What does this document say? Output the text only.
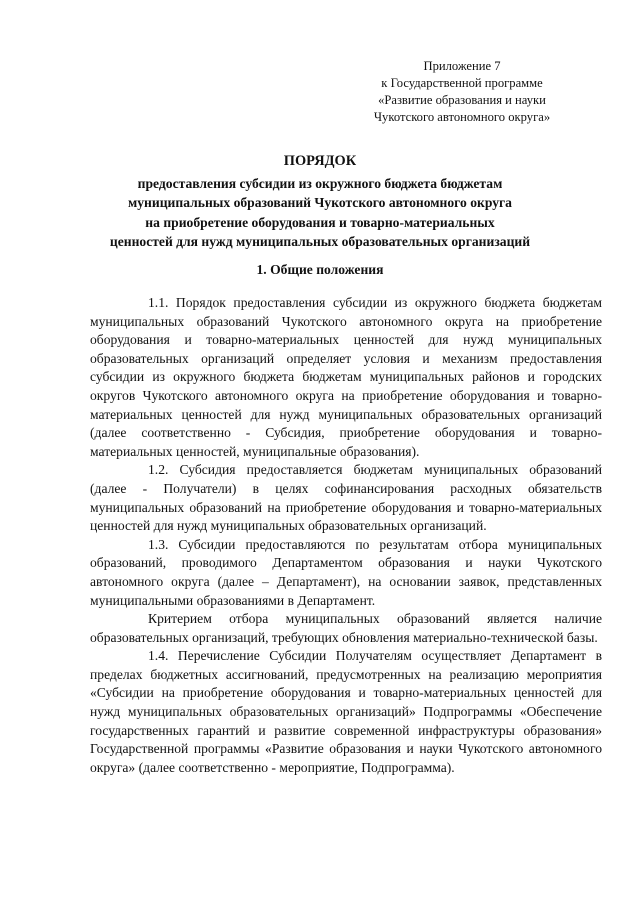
Приложение 7
к Государственной программе
«Развитие образования и науки
Чукотского автономного округа»
ПОРЯДОК
предоставления субсидии из окружного бюджета бюджетам
муниципальных образований Чукотского автономного округа
на приобретение оборудования и товарно-материальных
ценностей для нужд муниципальных образовательных организаций
1. Общие положения

1.1. Порядок предоставления субсидии из окружного бюджета бюджетам муниципальных образований Чукотского автономного округа на приобретение оборудования и товарно-материальных ценностей для нужд муниципальных образовательных организаций определяет условия и механизм предоставления субсидии из окружного бюджета бюджетам муниципальных районов и городских округов Чукотского автономного округа на приобретение оборудования и товарно-материальных ценностей для нужд муниципальных образовательных организаций (далее соответственно - Субсидия, приобретение оборудования и товарно-материальных ценностей, муниципальные образования).

1.2. Субсидия предоставляется бюджетам муниципальных образований (далее - Получатели) в целях софинансирования расходных обязательств муниципальных образований на приобретение оборудования и товарно-материальных ценностей для нужд муниципальных образовательных организаций.

1.3. Субсидии предоставляются по результатам отбора муниципальных образований, проводимого Департаментом образования и науки Чукотского автономного округа (далее – Департамент), на основании заявок, представленных муниципальными образованиями в Департамент.

Критерием отбора муниципальных образований является наличие образовательных организаций, требующих обновления материально-технической базы.

1.4. Перечисление Субсидии Получателям осуществляет Департамент в пределах бюджетных ассигнований, предусмотренных на реализацию мероприятия «Субсидии на приобретение оборудования и товарно-материальных ценностей для нужд муниципальных образовательных организаций» Подпрограммы «Обеспечение государственных гарантий и развитие современной инфраструктуры образования» Государственной программы «Развитие образования и науки Чукотского автономного округа» (далее соответственно - мероприятие, Подпрограмма).
